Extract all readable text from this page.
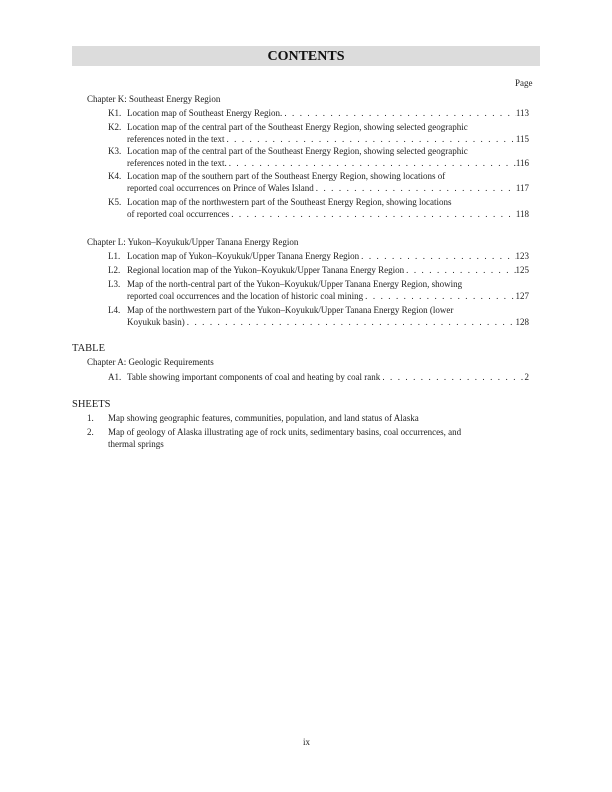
CONTENTS
Page
Chapter K: Southeast Energy Region
K1. Location map of Southeast Energy Region. . . .	113
K2. Location map of the central part of the Southeast Energy Region, showing selected geographic
references noted in the text . . .	115
K3. Location map of the central part of the Southeast Energy Region, showing selected geographic
references noted in the text. . . .	116
K4. Location map of the southern part of the Southeast Energy Region, showing locations of
reported coal occurrences on Prince of Wales Island . . .	117
K5. Location map of the northwestern part of the Southeast Energy Region, showing locations
of reported coal occurrences . . .	118
Chapter L: Yukon–Koyukuk/Upper Tanana Energy Region
L1. Location map of Yukon–Koyukuk/Upper Tanana Energy Region . . .	123
L2. Regional location map of the Yukon–Koyukuk/Upper Tanana Energy Region . . .	125
L3. Map of the north-central part of the Yukon–Koyukuk/Upper Tanana Energy Region, showing
reported coal occurrences and the location of historic coal mining . . .	127
L4. Map of the northwestern part of the Yukon–Koyukuk/Upper Tanana Energy Region (lower
Koyukuk basin) . . .	128
TABLE
Chapter A: Geologic Requirements
A1. Table showing important components of coal and heating by coal rank . . .	2
SHEETS
1. Map showing geographic features, communities, population, and land status of Alaska
2. Map of geology of Alaska illustrating age of rock units, sedimentary basins, coal occurrences, and
thermal springs
ix
